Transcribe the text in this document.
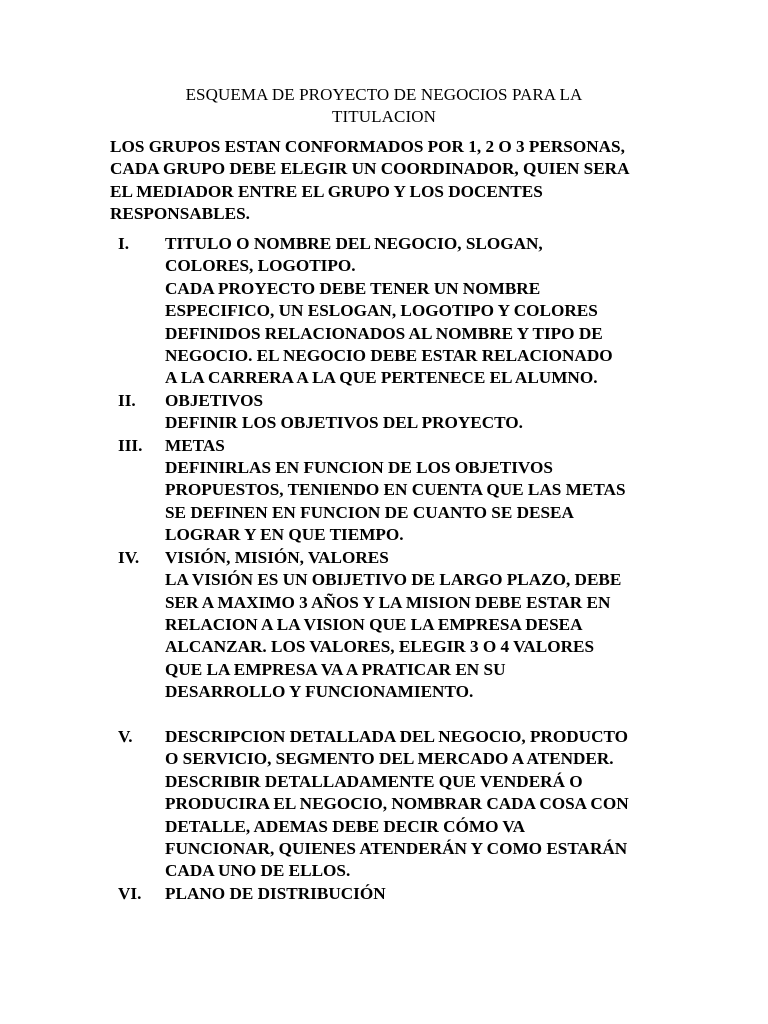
ESQUEMA DE PROYECTO DE NEGOCIOS PARA LA
TITULACION
LOS GRUPOS ESTAN CONFORMADOS POR 1, 2 O 3 PERSONAS,
CADA GRUPO DEBE ELEGIR UN COORDINADOR, QUIEN SERA
EL MEDIADOR ENTRE EL GRUPO Y LOS DOCENTES
RESPONSABLES.
I.	TITULO O NOMBRE DEL NEGOCIO, SLOGAN,
COLORES, LOGOTIPO.
CADA PROYECTO DEBE TENER UN NOMBRE
ESPECIFICO, UN ESLOGAN, LOGOTIPO Y COLORES
DEFINIDOS RELACIONADOS AL NOMBRE Y TIPO DE
NEGOCIO. EL NEGOCIO DEBE ESTAR RELACIONADO
A LA CARRERA A LA QUE PERTENECE EL ALUMNO.
II.	OBJETIVOS
DEFINIR LOS OBJETIVOS DEL PROYECTO.
III.	METAS
DEFINIRLAS EN FUNCION DE LOS OBJETIVOS
PROPUESTOS, TENIENDO EN CUENTA QUE LAS METAS
SE DEFINEN EN FUNCION DE CUANTO SE DESEA
LOGRAR Y EN QUE TIEMPO.
IV.	VISIÓN, MISIÓN, VALORES
LA VISIÓN ES UN OBIJETIVO DE LARGO PLAZO, DEBE
SER A MAXIMO 3 AÑOS Y LA MISION DEBE ESTAR EN
RELACION A LA VISION QUE LA EMPRESA DESEA
ALCANZAR. LOS VALORES, ELEGIR 3 O 4 VALORES
QUE LA EMPRESA VA A PRATICAR EN SU
DESARROLLO Y FUNCIONAMIENTO.
V.	DESCRIPCION DETALLADA DEL NEGOCIO, PRODUCTO
O SERVICIO, SEGMENTO DEL MERCADO A ATENDER.
DESCRIBIR DETALLADAMENTE QUE VENDERÁ O
PRODUCIRA EL NEGOCIO, NOMBRAR CADA COSA CON
DETALLE, ADEMAS DEBE DECIR CÓMO VA
FUNCIONAR, QUIENES ATENDERÁN Y COMO ESTARÁN
CADA UNO DE ELLOS.
VI.	PLANO DE DISTRIBUCIÓN
